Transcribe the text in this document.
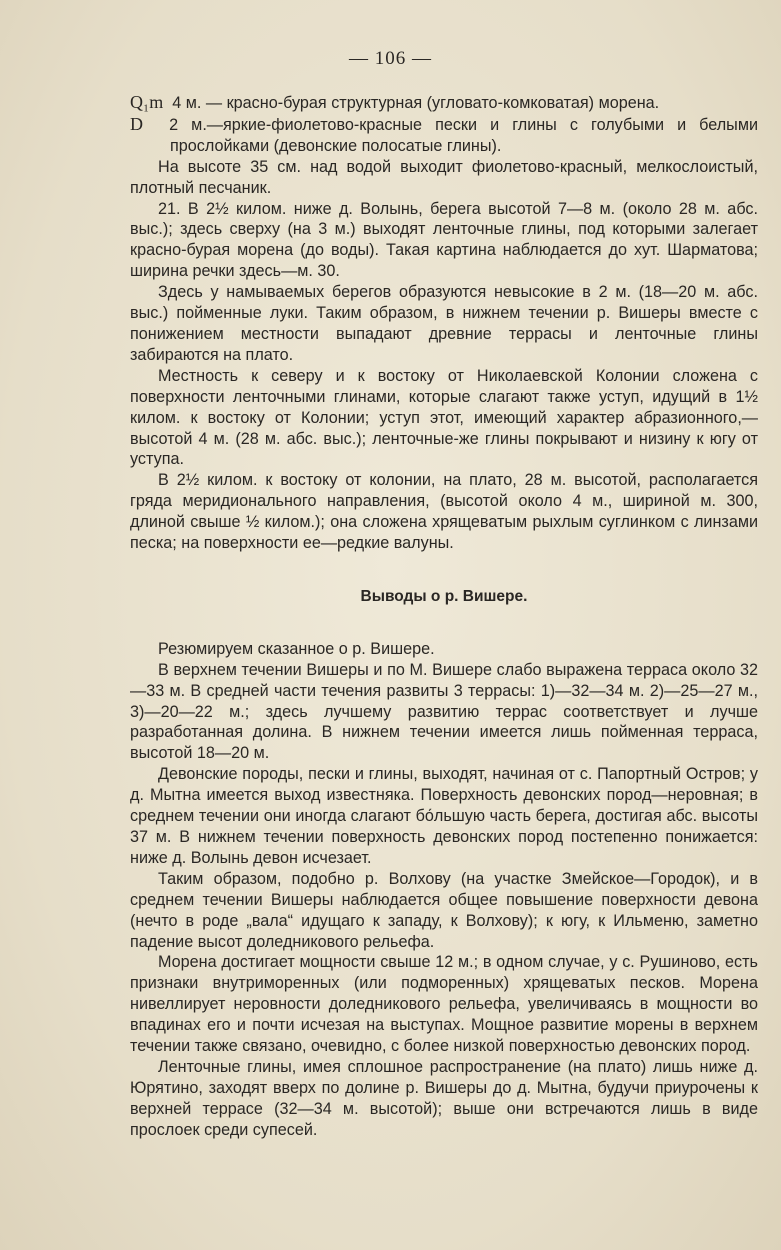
— 106 —

Q₁m 4 м. — красно-бурая структурная (угловато-комковатая) морена.

D 2 м.—яркие-фиолетово-красные пески и глины с голубыми и белыми прослойками (девонские полосатые глины).

На высоте 35 см. над водой выходит фиолетово-красный, мелкослоистый, плотный песчаник.

21. В 2½ килом. ниже д. Волынь, берега высотой 7—8 м. (около 28 м. абс. выс.); здесь сверху (на 3 м.) выходят ленточные глины, под которыми залегает красно-бурая морена (до воды). Такая картина наблюдается до хут. Шарматова; ширина речки здесь—м. 30.

Здесь у намываемых берегов образуются невысокие в 2 м. (18—20 м. абс. выс.) пойменные луки. Таким образом, в нижнем течении р. Вишеры вместе с понижением местности выпадают древние террасы и ленточные глины забираются на плато.

Местность к северу и к востоку от Николаевской Колонии сложена с поверхности ленточными глинами, которые слагают также уступ, идущий в 1½ килом. к востоку от Колонии; уступ этот, имеющий характер абразионного,—высотой 4 м. (28 м. абс. выс.); ленточные-же глины покрывают и низину к югу от уступа.

В 2½ килом. к востоку от колонии, на плато, 28 м. высотой, располагается гряда меридионального направления, (высотой около 4 м., шириной м. 300, длиной свыше ½ килом.); она сложена хрящеватым рыхлым суглинком с линзами песка; на поверхности ее—редкие валуны.

Выводы о р. Вишере.

Резюмируем сказанное о р. Вишере.

В верхнем течении Вишеры и по М. Вишере слабо выражена терраса около 32—33 м. В средней части течения развиты 3 террасы: 1)—32—34 м. 2)—25—27 м., 3)—20—22 м.; здесь лучшему развитию террас соответствует и лучше разработанная долина. В нижнем течении имеется лишь пойменная терраса, высотой 18—20 м.

Девонские породы, пески и глины, выходят, начиная от с. Папортный Остров; у д. Мытна имеется выход известняка. Поверхность девонских пород—неровная; в среднем течении они иногда слагают бо́льшую часть берега, достигая абс. высоты 37 м. В нижнем течении поверхность девонских пород постепенно понижается: ниже д. Волынь девон исчезает.

Таким образом, подобно р. Волхову (на участке Змейское—Городок), и в среднем течении Вишеры наблюдается общее повышение поверхности девона (нечто в роде „вала“ идущаго к западу, к Волхову); к югу, к Ильменю, заметно падение высот доледникового рельефа.

Морена достигает мощности свыше 12 м.; в одном случае, у с. Рушиново, есть признаки внутриморенных (или подморенных) хрящеватых песков. Морена нивеллирует неровности доледникового рельефа, увеличиваясь в мощности во впадинах его и почти исчезая на выступах. Мощное развитие морены в верхнем течении также связано, очевидно, с более низкой поверхностью девонских пород.

Ленточные глины, имея сплошное распространение (на плато) лишь ниже д. Юрятино, заходят вверх по долине р. Вишеры до д. Мытна, будучи приурочены к верхней террасе (32—34 м. высотой); выше они встречаются лишь в виде прослоек среди супесей.
